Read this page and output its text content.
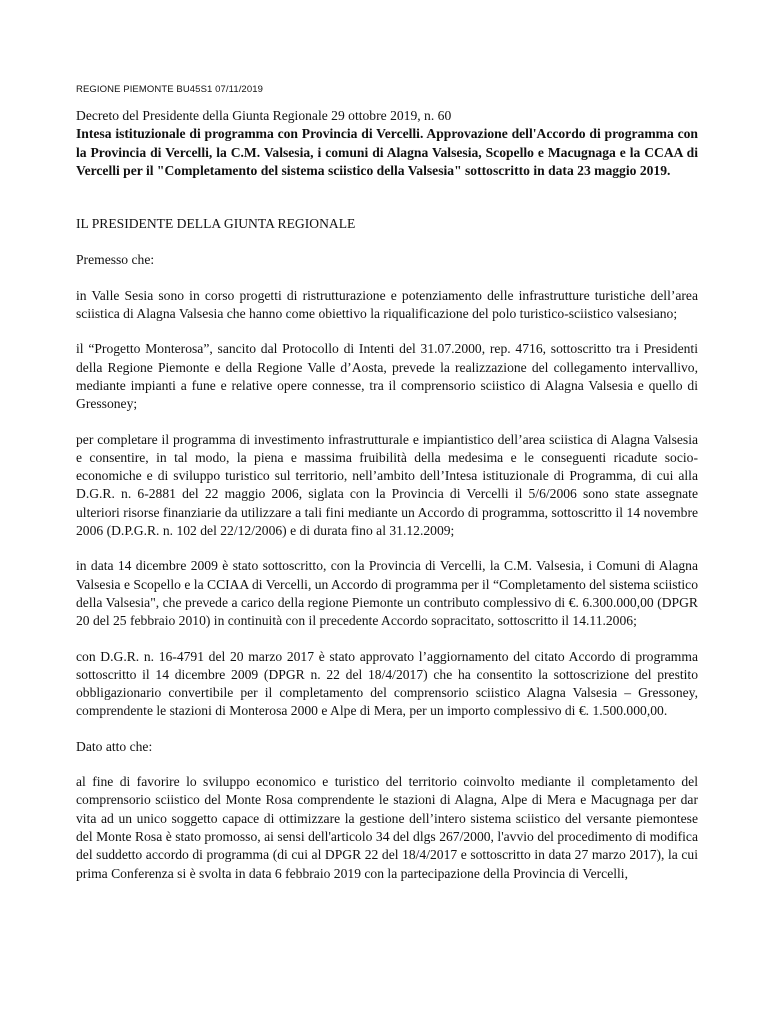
REGIONE PIEMONTE BU45S1 07/11/2019

Decreto del Presidente della Giunta Regionale 29 ottobre 2019, n. 60

Intesa istituzionale di programma con Provincia di Vercelli. Approvazione dell'Accordo di programma con la Provincia di Vercelli, la C.M. Valsesia, i comuni di Alagna Valsesia, Scopello e Macugnaga e la CCAA di Vercelli per il "Completamento del sistema sciistico della Valsesia" sottoscritto in data 23 maggio 2019.

IL PRESIDENTE DELLA GIUNTA REGIONALE

Premesso che:

in Valle Sesia sono in corso progetti di ristrutturazione e potenziamento delle infrastrutture turistiche dell’area sciistica di Alagna Valsesia che hanno come obiettivo la riqualificazione del polo turistico-sciistico valsesiano;

il “Progetto Monterosa”, sancito dal Protocollo di Intenti del 31.07.2000, rep. 4716, sottoscritto tra i Presidenti della Regione Piemonte e della Regione Valle d’Aosta, prevede la realizzazione del collegamento intervallivo, mediante impianti a fune e relative opere connesse, tra il comprensorio sciistico di Alagna Valsesia e quello di Gressoney;

per completare il programma di investimento infrastrutturale e impiantistico dell’area sciistica di Alagna Valsesia e consentire, in tal modo, la piena e massima fruibilità della medesima e le conseguenti ricadute socio-economiche e di sviluppo turistico sul territorio, nell’ambito dell’Intesa istituzionale di Programma, di cui alla D.G.R. n. 6-2881 del 22 maggio 2006, siglata con la Provincia di Vercelli il 5/6/2006 sono state assegnate ulteriori risorse finanziarie da utilizzare a tali fini mediante un Accordo di programma, sottoscritto il 14 novembre 2006 (D.P.G.R. n. 102 del 22/12/2006) e di durata fino al 31.12.2009;

in data 14 dicembre 2009 è stato sottoscritto, con la Provincia di Vercelli, la C.M. Valsesia, i Comuni di Alagna Valsesia e Scopello e la CCIAA di Vercelli, un Accordo di programma per il “Completamento del sistema sciistico della Valsesia", che prevede a carico della regione Piemonte un contributo complessivo di €. 6.300.000,00 (DPGR 20 del 25 febbraio 2010) in continuità con il precedente Accordo sopracitato, sottoscritto il 14.11.2006;

con D.G.R. n. 16-4791 del 20 marzo 2017 è stato approvato l’aggiornamento del citato Accordo di programma sottoscritto il 14 dicembre 2009 (DPGR n. 22 del 18/4/2017) che ha consentito la sottoscrizione del prestito obbligazionario convertibile per il completamento del comprensorio sciistico Alagna Valsesia – Gressoney, comprendente le stazioni di Monterosa 2000 e Alpe di Mera, per un importo complessivo di €. 1.500.000,00.

Dato atto che:

al fine di favorire lo sviluppo economico e turistico del territorio coinvolto mediante il completamento del comprensorio sciistico del Monte Rosa comprendente le stazioni di Alagna, Alpe di Mera e Macugnaga per dar vita ad un unico soggetto capace di ottimizzare la gestione dell’intero sistema sciistico del versante piemontese del Monte Rosa è stato promosso, ai sensi dell'articolo 34 del dlgs 267/2000, l'avvio del procedimento di modifica del suddetto accordo di programma (di cui al DPGR 22 del 18/4/2017 e sottoscritto in data 27 marzo 2017), la cui prima Conferenza si è svolta in data 6 febbraio 2019 con la partecipazione della Provincia di Vercelli,
